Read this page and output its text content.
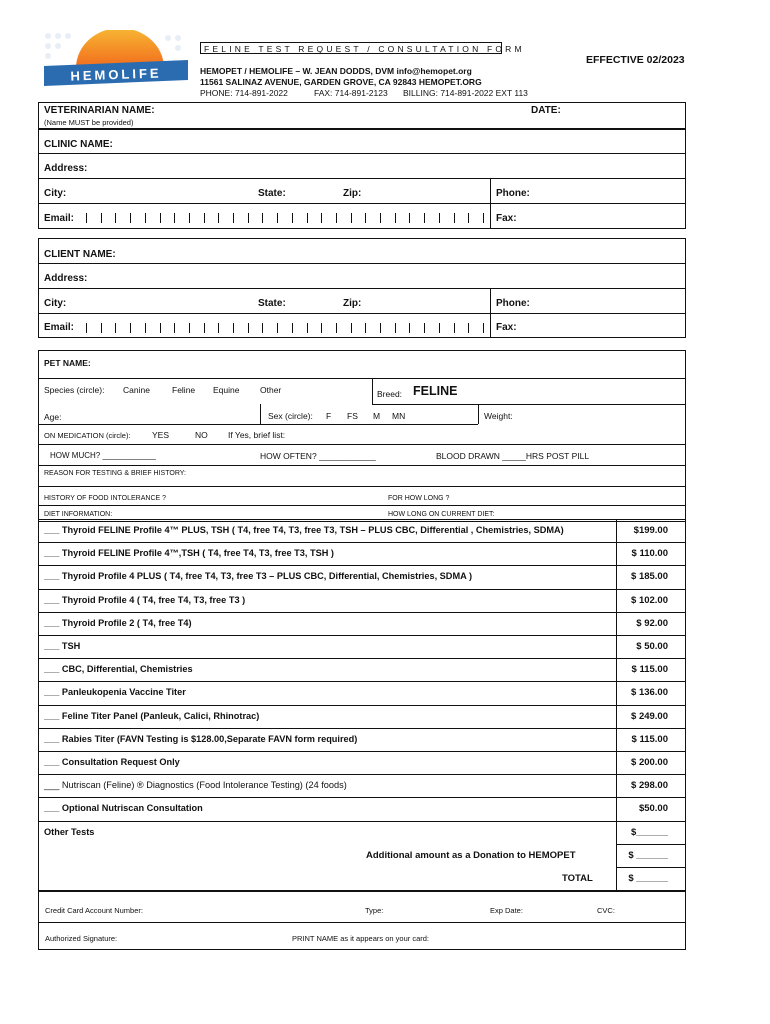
HEMOLIFE
FELINE TEST REQUEST / CONSULTATION FORM
EFFECTIVE 02/2023
HEMOPET / HEMOLIFE – W. JEAN DODDS, DVM info@hemopet.org
11561 SALINAZ AVENUE, GARDEN GROVE, CA 92843 HEMOPET.ORG
PHONE: 714-891-2022	FAX: 714-891-2123 BILLING: 714-891-2022 EXT 113
VETERINARIAN NAME:
(Name MUST be provided)
DATE:
CLINIC NAME:
Address:
City:	State:	Zip:	Phone:
Email:	Fax:
CLIENT NAME:
Address:
City:	State:	Zip:	Phone:
Email:	Fax:
PET NAME:
Species (circle): Canine	Feline Equine Other	Breed: FELINE
Age:	Sex (circle): F FS M MN	Weight:
ON MEDICATION (circle):	YES	NO If Yes, brief list:
HOW MUCH? ____________	HOW OFTEN? ____________	BLOOD DRAWN _____HRS POST PILL
REASON FOR TESTING & BRIEF HISTORY:
HISTORY OF FOOD INTOLERANCE ?	FOR HOW LONG ?
DIET INFORMATION:	HOW LONG ON CURRENT DIET:
___ Thyroid FELINE Profile 4™ PLUS, TSH ( T4, free T4, T3, free T3, TSH – PLUS CBC, Differential , Chemistries, SDMA)	$199.00
___ Thyroid FELINE Profile 4™,TSH ( T4, free T4, T3, free T3, TSH )	$ 110.00
___ Thyroid Profile 4 PLUS ( T4, free T4, T3, free T3 – PLUS CBC, Differential, Chemistries, SDMA )	$ 185.00
___ Thyroid Profile 4 ( T4, free T4, T3, free T3 )	$ 102.00
___ Thyroid Profile 2 ( T4, free T4)	$ 92.00
___ TSH	$ 50.00
___ CBC, Differential, Chemistries	$ 115.00
___ Panleukopenia Vaccine Titer	$ 136.00
___ Feline Titer Panel (Panleuk, Calici, Rhinotrac)	$ 249.00
___ Rabies Titer (FAVN Testing is $128.00,Separate FAVN form required)	$ 115.00
___ Consultation Request Only	$ 200.00
___ Nutriscan (Feline) ® Diagnostics (Food Intolerance Testing) (24 foods)	$ 298.00
___ Optional Nutriscan Consultation	$50.00
Other Tests	$______
Additional amount as a Donation to HEMOPET	$ ______
TOTAL	$ ______
Credit Card Account Number:	Type:	Exp Date:	CVC:
Authorized Signature:	PRINT NAME as it appears on your card:
